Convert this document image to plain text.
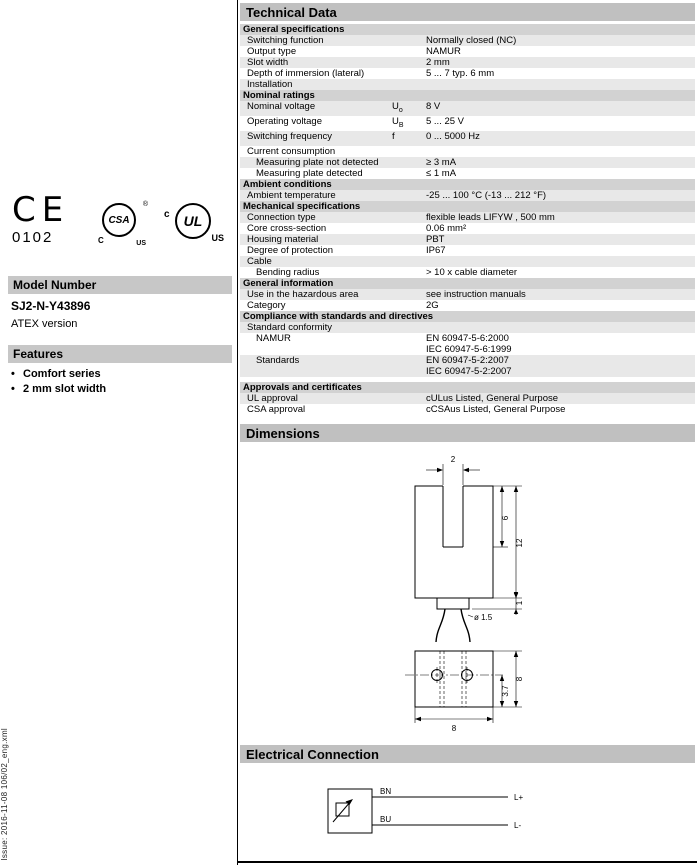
Issue: 2016-11-08 106/02_eng.xml
CE
0102
CSA
®
C	US
UL
c
US
Model Number
SJ2-N-Y43896
ATEX version
Features
• Comfort series
• 2 mm slot width
Technical Data
General specifications
Switching function	Normally closed (NC)
Output type	NAMUR
Slot width	2 mm
Depth of immersion (lateral)	5 ... 7 typ. 6 mm
Installation
Nominal ratings
Nominal voltage	$U_o$	8 V
Operating voltage	$U_B$	5 ... 25 V
Switching frequency	f	0 ... 5000 Hz
Current consumption
Measuring plate not detected	≥ 3 mA
Measuring plate detected	≤ 1 mA
Ambient conditions
Ambient temperature	-25 ... 100 °C (-13 ... 212 °F)
Mechanical specifications
Connection type	flexible leads LIFYW , 500 mm
Core cross-section	0.06 mm²
Housing material	PBT
Degree of protection	IP67
Cable
Bending radius	> 10 x cable diameter
General information
Use in the hazardous area	see instruction manuals
Category	2G
Compliance with standards and directives
Standard conformity
NAMUR	EN 60947-5-6:2000
IEC 60947-5-6:1999
Standards	EN 60947-5-2:2007
IEC 60947-5-2:2007
Approvals and certificates
UL approval	cULus Listed, General Purpose
CSA approval	cCSAus Listed, General Purpose
Dimensions
2
6
12
1
ø 1.5
3.7
8
8
Electrical Connection
BN
BU
L+
L-
